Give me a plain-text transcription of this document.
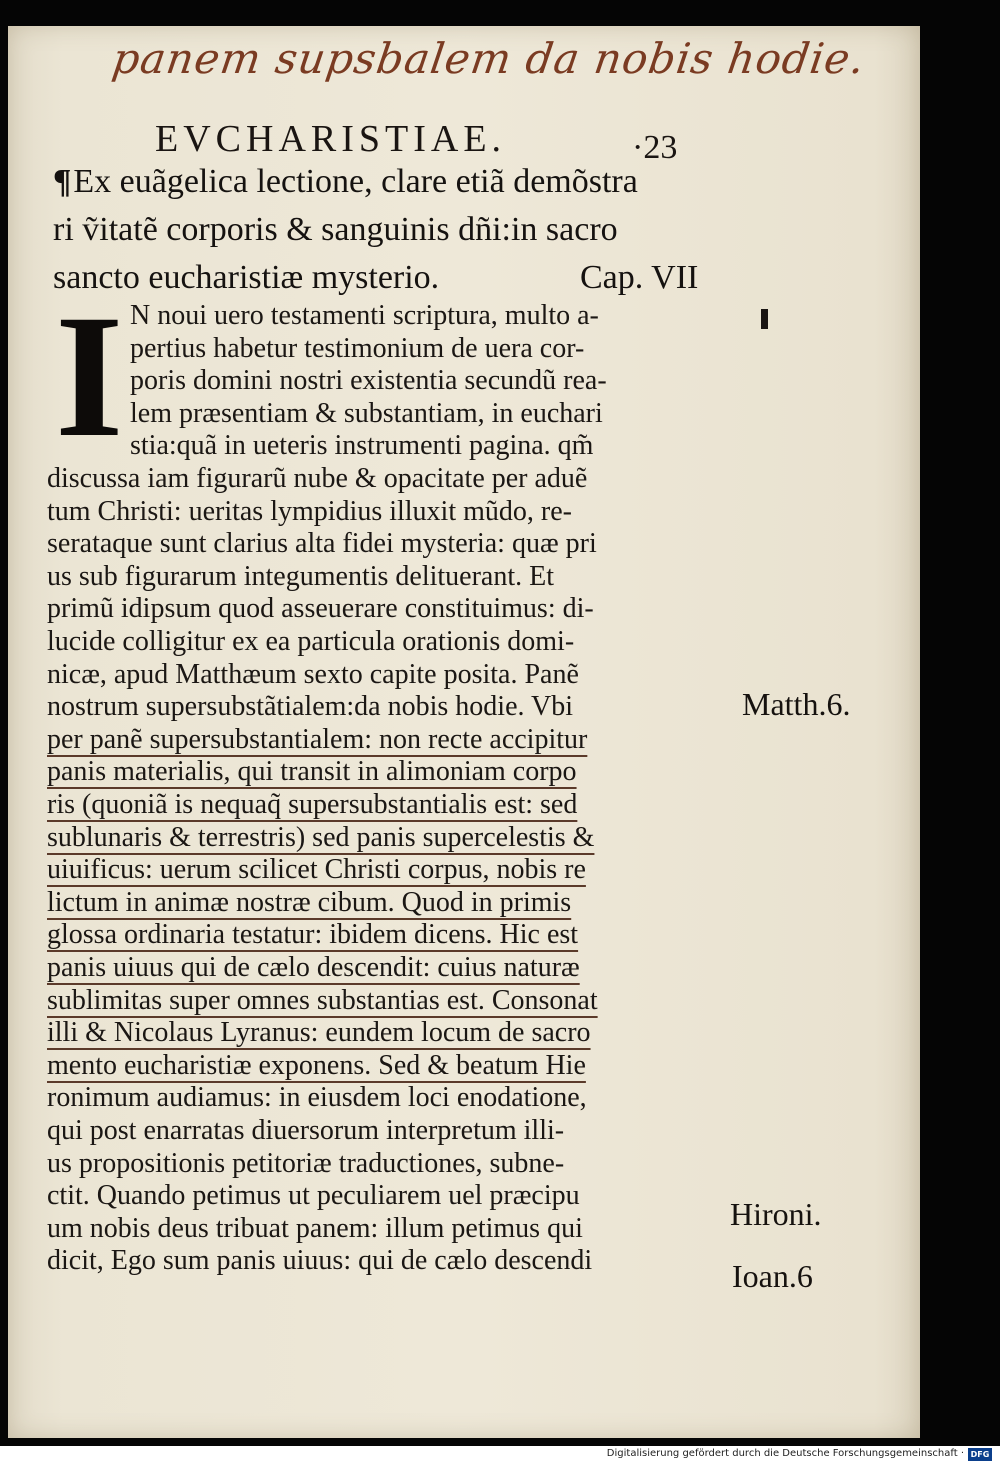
panem supsbalem da nobis hodie.
EVCHARISTIAE.	·23
¶Ex euãgelica lectione, clare etiã demõstra
ri ṽitatẽ corporis & sanguinis dñi:in sacro
sancto eucharistiæ mysterio.	Cap. VII
I N noui uero testamenti scriptura, multo a-
pertius habetur testimonium de uera cor-
poris domini nostri existentia secundũ rea-
lem præsentiam & substantiam, in euchari
stia:quã in ueteris instrumenti pagina. qm̃
discussa iam figurarũ nube & opacitate per aduẽ
tum Christi: ueritas lympidius illuxit mũdo, re-
serataque sunt clarius alta fidei mysteria: quæ pri
us sub figurarum integumentis delituerant. Et
primũ idipsum quod asseuerare constituimus: di-
lucide colligitur ex ea particula orationis domi-
nicæ, apud Matthæum sexto capite posita. Panẽ
nostrum supersubstãtialem:da nobis hodie. Vbi
per panẽ supersubstantialem: non recte accipitur
panis materialis, qui transit in alimoniam corpo
ris (quoniã is nequaq̃ supersubstantialis est: sed
sublunaris & terrestris) sed panis supercelestis &
uiuificus: uerum scilicet Christi corpus, nobis re
lictum in animæ nostræ cibum. Quod in primis
glossa ordinaria testatur: ibidem dicens. Hic est
panis uiuus qui de cælo descendit: cuius naturæ
sublimitas super omnes substantias est. Consonat
illi & Nicolaus Lyranus: eundem locum de sacro
mento eucharistiæ exponens. Sed & beatum Hie
ronimum audiamus: in eiusdem loci enodatione,
qui post enarratas diuersorum interpretum illi-
us propositionis petitoriæ traductiones, subne-
ctit. Quando petimus ut peculiarem uel præcipu
um nobis deus tribuat panem: illum petimus qui
dicit, Ego sum panis uiuus: qui de cælo descendi
Matth.6.
Hironi.
Ioan.6
Digitalisierung gefördert durch die Deutsche Forschungsgemeinschaft · DFG
